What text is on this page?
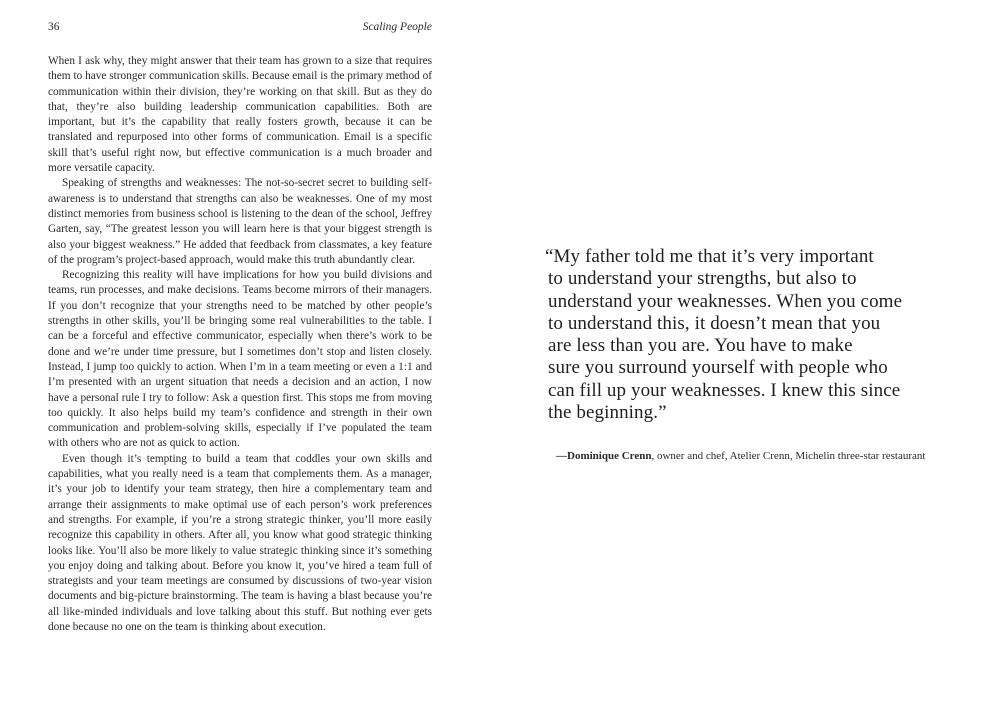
36	Scaling People

When I ask why, they might answer that their team has grown to a size that requires them to have stronger communication skills. Because email is the primary method of communication within their division, they’re working on that skill. But as they do that, they’re also building leadership communication capabilities. Both are important, but it’s the capability that really fosters growth, because it can be translated and repurposed into other forms of communication. Email is a specific skill that’s useful right now, but effective communication is a much broader and more versatile capacity.

Speaking of strengths and weaknesses: The not-so-secret secret to building self-awareness is to understand that strengths can also be weaknesses. One of my most distinct memories from business school is listening to the dean of the school, Jeffrey Garten, say, “The greatest lesson you will learn here is that your biggest strength is also your biggest weakness.” He added that feedback from classmates, a key feature of the program’s project-based approach, would make this truth abundantly clear.

Recognizing this reality will have implications for how you build divisions and teams, run processes, and make decisions. Teams become mirrors of their managers. If you don’t recognize that your strengths need to be matched by other people’s strengths in other skills, you’ll be bringing some real vulnerabilities to the table. I can be a forceful and effective communicator, especially when there’s work to be done and we’re under time pressure, but I sometimes don’t stop and listen closely. Instead, I jump too quickly to action. When I’m in a team meeting or even a 1:1 and I’m presented with an urgent situation that needs a decision and an action, I now have a personal rule I try to follow: Ask a question first. This stops me from moving too quickly. It also helps build my team’s confidence and strength in their own communication and problem-solving skills, especially if I’ve populated the team with others who are not as quick to action.

Even though it’s tempting to build a team that coddles your own skills and capabilities, what you really need is a team that complements them. As a manager, it’s your job to identify your team strategy, then hire a complementary team and arrange their assignments to make optimal use of each person’s work preferences and strengths. For example, if you’re a strong strategic thinker, you’ll more easily recognize this capability in others. After all, you know what good strategic thinking looks like. You’ll also be more likely to value strategic thinking since it’s something you enjoy doing and talking about. Before you know it, you’ve hired a team full of strategists and your team meetings are consumed by discussions of two-year vision documents and big-picture brainstorming. The team is having a blast because you’re all like-minded individuals and love talking about this stuff. But nothing ever gets done because no one on the team is thinking about execution.

“My father told me that it’s very important
to understand your strengths, but also to
understand your weaknesses. When you come
to understand this, it doesn’t mean that you
are less than you are. You have to make
sure you surround yourself with people who
can fill up your weaknesses. I knew this since
the beginning.”
—Dominique Crenn, owner and chef, Atelier Crenn, Michelin three-star restaurant
